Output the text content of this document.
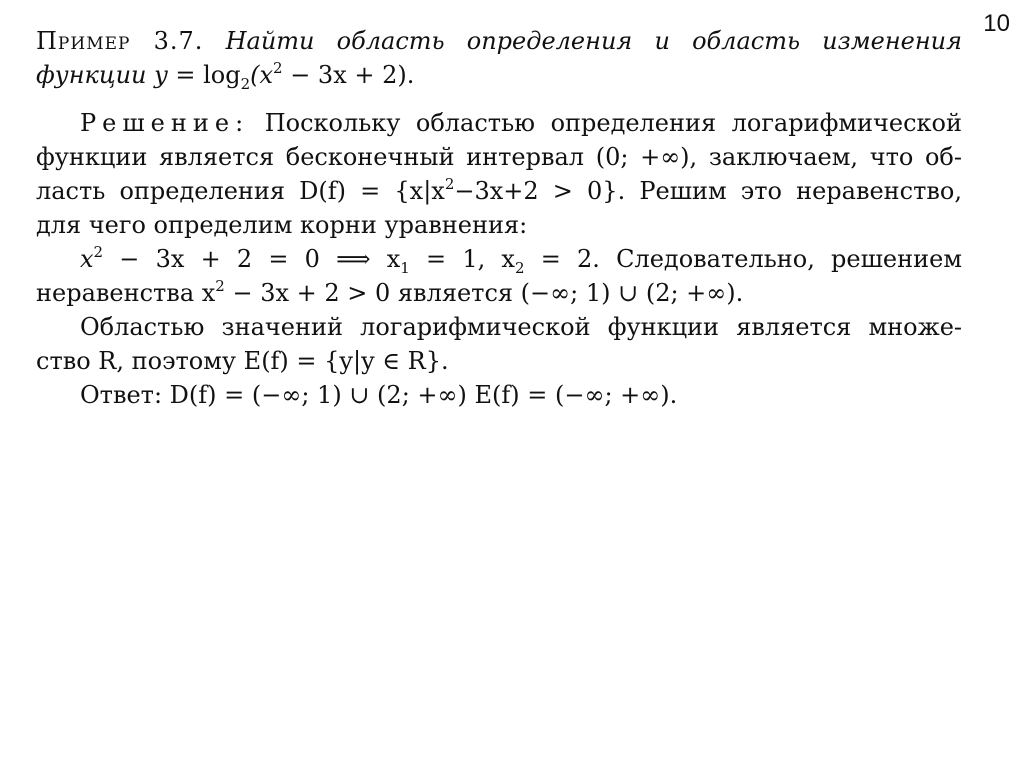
10

Пример 3.7. Найти область определения и область изменения

функции $y = \log_2(x^2 - 3x + 2)$.

Решение: Поскольку областью определения логарифмической

функции является бесконечный интервал (0; +∞), заключаем, что об-

ласть определения $D(f) = \{x|x^2-3x+2 > 0\}$. Решим это неравенство,

для чего определим корни уравнения:

$x^2 - 3x + 2 = 0$ ⟹ $x_1 = 1$, $x_2 = 2$. Следовательно, решением

неравенства $x^2 - 3x + 2 > 0$ является (−∞; 1) ∪ (2; +∞).

Областью значений логарифмической функции является множе-

ство R, поэтому E(f) = {y|y ∈ R}.

Ответ: D(f) = (−∞; 1) ∪ (2; +∞) E(f) = (−∞; +∞).
